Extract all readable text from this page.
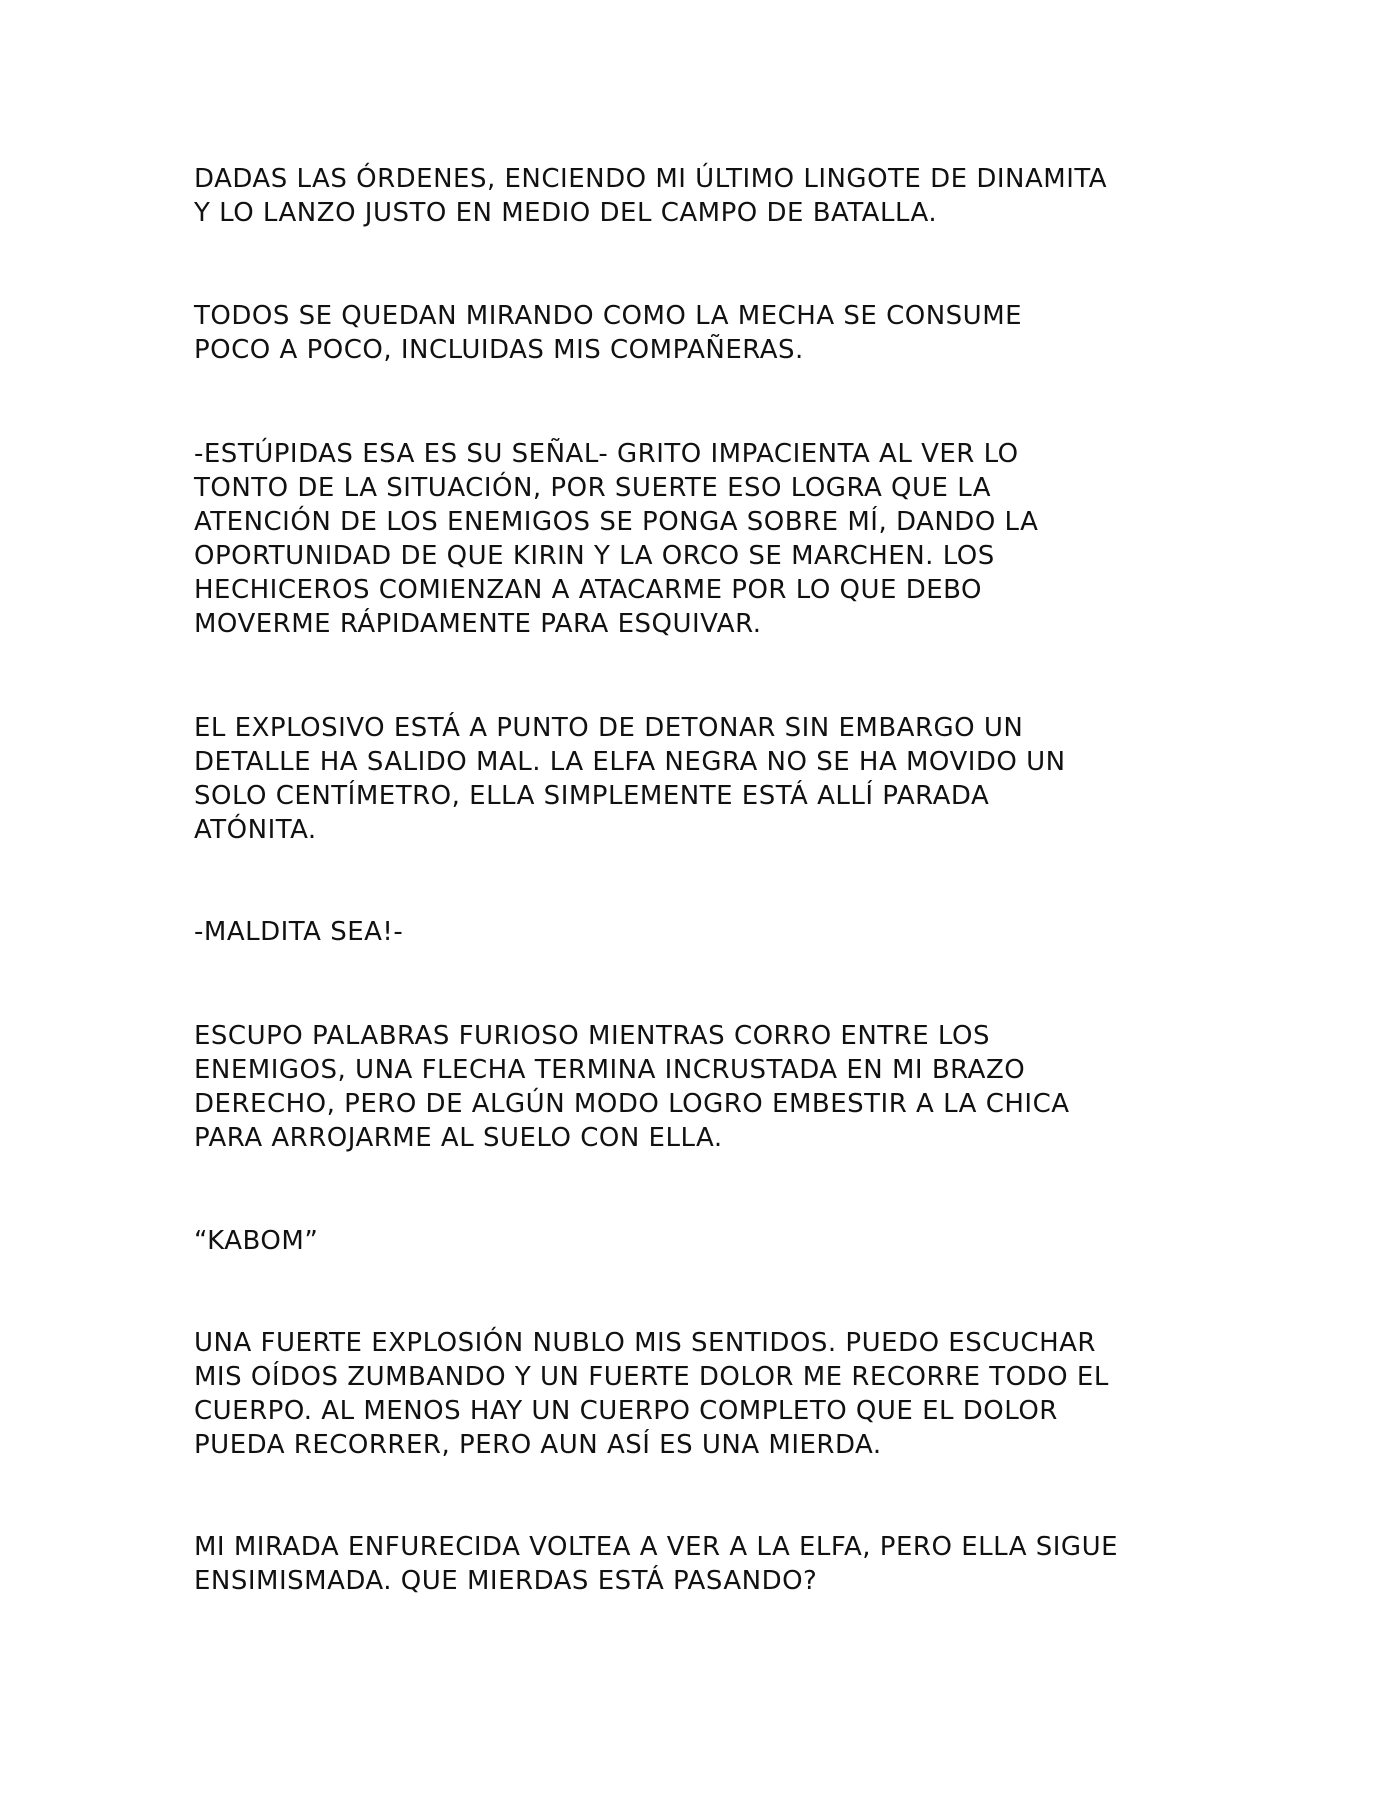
DADAS LAS ÓRDENES, ENCIENDO MI ÚLTIMO LINGOTE DE DINAMITA
Y LO LANZO JUSTO EN MEDIO DEL CAMPO DE BATALLA.

TODOS SE QUEDAN MIRANDO COMO LA MECHA SE CONSUME
POCO A POCO, INCLUIDAS MIS COMPAÑERAS.

-ESTÚPIDAS ESA ES SU SEÑAL- GRITO IMPACIENTA AL VER LO
TONTO DE LA SITUACIÓN, POR SUERTE ESO LOGRA QUE LA
ATENCIÓN DE LOS ENEMIGOS SE PONGA SOBRE MÍ, DANDO LA
OPORTUNIDAD DE QUE KIRIN Y LA ORCO SE MARCHEN. LOS
HECHICEROS COMIENZAN A ATACARME POR LO QUE DEBO
MOVERME RÁPIDAMENTE PARA ESQUIVAR.

EL EXPLOSIVO ESTÁ A PUNTO DE DETONAR SIN EMBARGO UN
DETALLE HA SALIDO MAL. LA ELFA NEGRA NO SE HA MOVIDO UN
SOLO CENTÍMETRO, ELLA SIMPLEMENTE ESTÁ ALLÍ PARADA
ATÓNITA.

-MALDITA SEA!-

ESCUPO PALABRAS FURIOSO MIENTRAS CORRO ENTRE LOS
ENEMIGOS, UNA FLECHA TERMINA INCRUSTADA EN MI BRAZO
DERECHO, PERO DE ALGÚN MODO LOGRO EMBESTIR A LA CHICA
PARA ARROJARME AL SUELO CON ELLA.

“KABOM”

UNA FUERTE EXPLOSIÓN NUBLO MIS SENTIDOS. PUEDO ESCUCHAR
MIS OÍDOS ZUMBANDO Y UN FUERTE DOLOR ME RECORRE TODO EL
CUERPO. AL MENOS HAY UN CUERPO COMPLETO QUE EL DOLOR
PUEDA RECORRER, PERO AUN ASÍ ES UNA MIERDA.

MI MIRADA ENFURECIDA VOLTEA A VER A LA ELFA, PERO ELLA SIGUE
ENSIMISMADA. QUE MIERDAS ESTÁ PASANDO?
